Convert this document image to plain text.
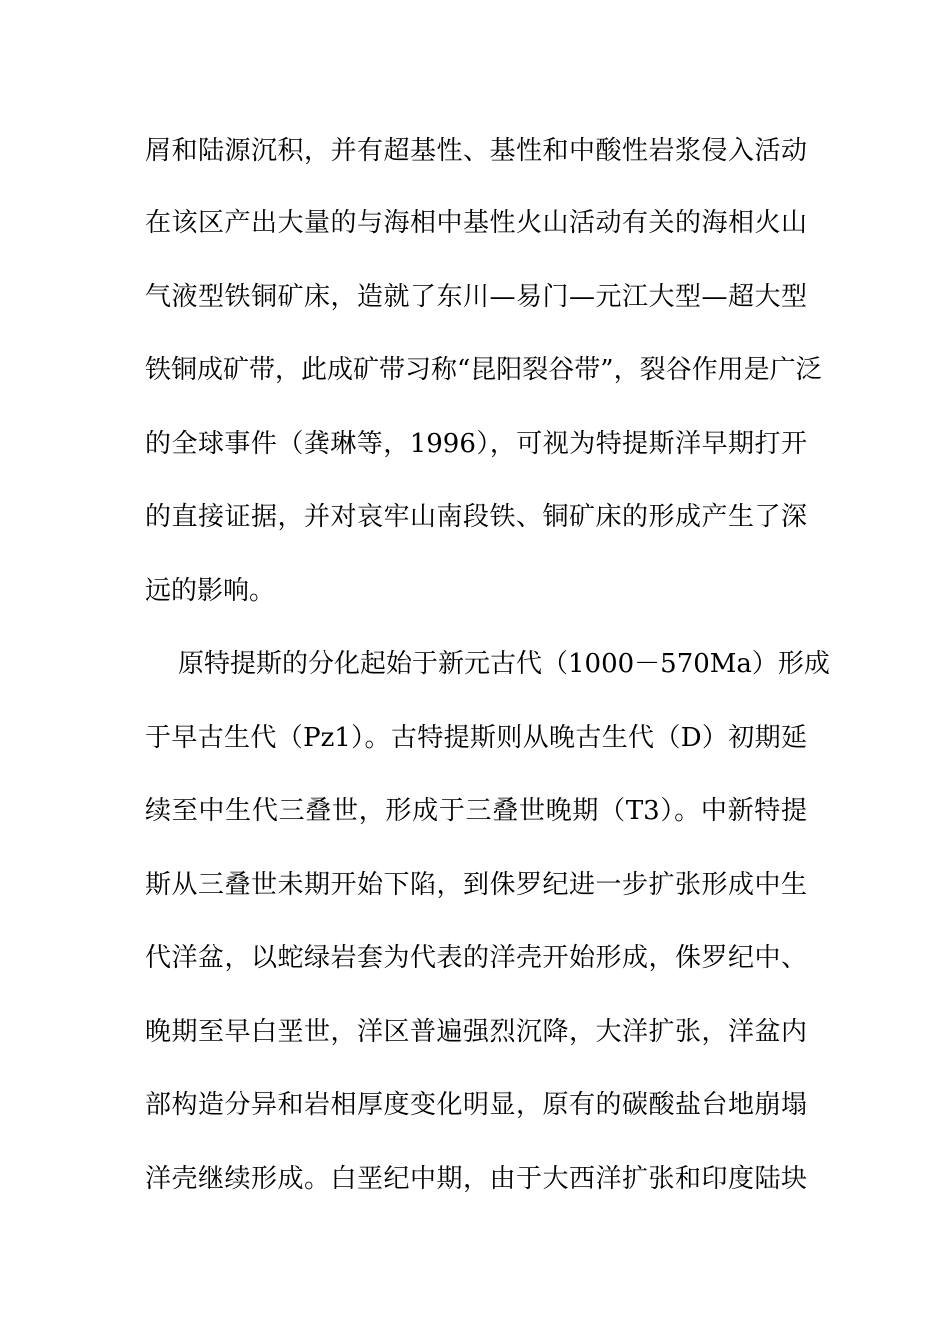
屑和陆源沉积，并有超基性、基性和中酸性岩浆侵入活动
在该区产出大量的与海相中基性火山活动有关的海相火山
气液型铁铜矿床，造就了东川—易门—元江大型—超大型
铁铜成矿带，此成矿带习称“昆阳裂谷带”，裂谷作用是广泛
的全球事件（龚琳等，1996），可视为特提斯洋早期打开
的直接证据，并对哀牢山南段铁、铜矿床的形成产生了深
远的影响。
原特提斯的分化起始于新元古代（1000－570Ma）形成
于早古生代（Pz1）。古特提斯则从晚古生代（D）初期延
续至中生代三叠世，形成于三叠世晚期（T3）。中新特提
斯从三叠世未期开始下陷，到侏罗纪进一步扩张形成中生
代洋盆，以蛇绿岩套为代表的洋壳开始形成，侏罗纪中、
晚期至早白垩世，洋区普遍强烈沉降，大洋扩张，洋盆内
部构造分异和岩相厚度变化明显，原有的碳酸盐台地崩塌
洋壳继续形成。白垩纪中期，由于大西洋扩张和印度陆块
